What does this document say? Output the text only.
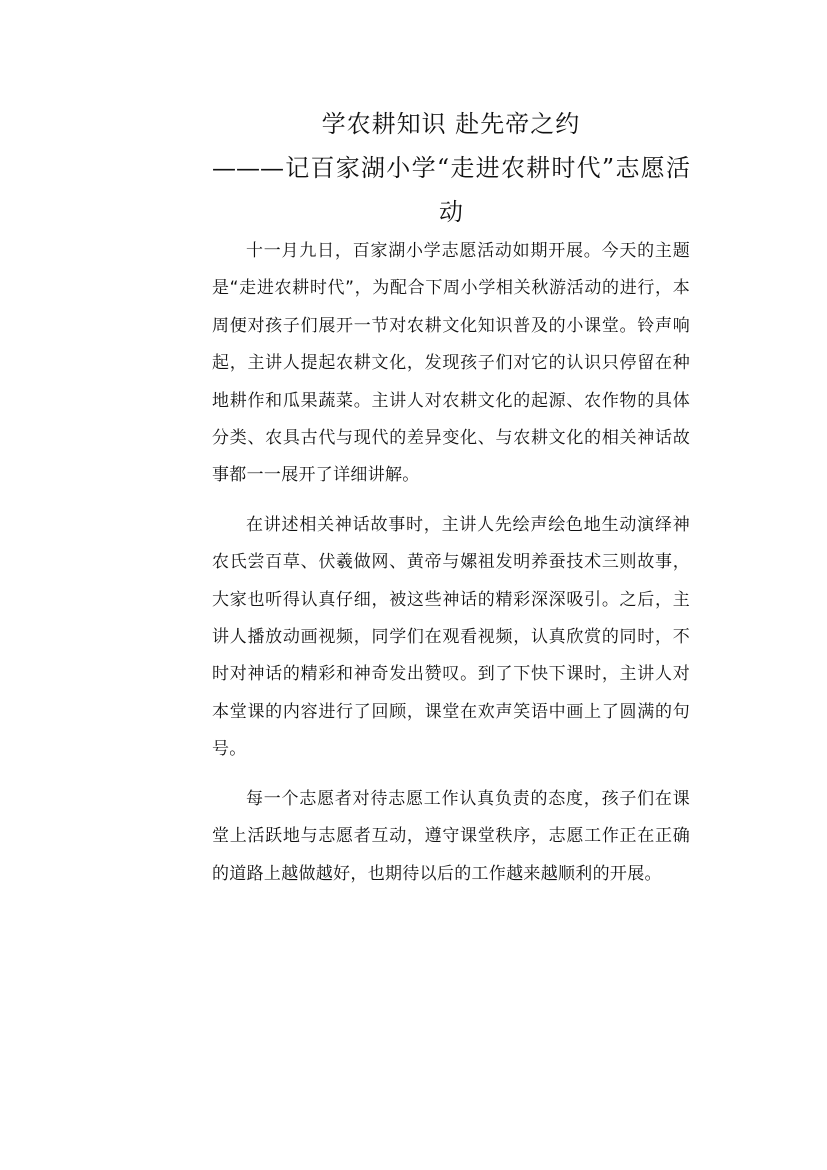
学农耕知识 赴先帝之约
———记百家湖小学“走进农耕时代”志愿活动

十一月九日，百家湖小学志愿活动如期开展。今天的主题是“走进农耕时代”，为配合下周小学相关秋游活动的进行，本周便对孩子们展开一节对农耕文化知识普及的小课堂。铃声响起，主讲人提起农耕文化，发现孩子们对它的认识只停留在种地耕作和瓜果蔬菜。主讲人对农耕文化的起源、农作物的具体分类、农具古代与现代的差异变化、与农耕文化的相关神话故事都一一展开了详细讲解。

在讲述相关神话故事时，主讲人先绘声绘色地生动演绎神农氏尝百草、伏羲做网、黄帝与嫘祖发明养蚕技术三则故事，大家也听得认真仔细，被这些神话的精彩深深吸引。之后，主讲人播放动画视频，同学们在观看视频，认真欣赏的同时，不时对神话的精彩和神奇发出赞叹。到了下快下课时，主讲人对本堂课的内容进行了回顾，课堂在欢声笑语中画上了圆满的句号。

每一个志愿者对待志愿工作认真负责的态度，孩子们在课堂上活跃地与志愿者互动，遵守课堂秩序，志愿工作正在正确的道路上越做越好，也期待以后的工作越来越顺利的开展。
